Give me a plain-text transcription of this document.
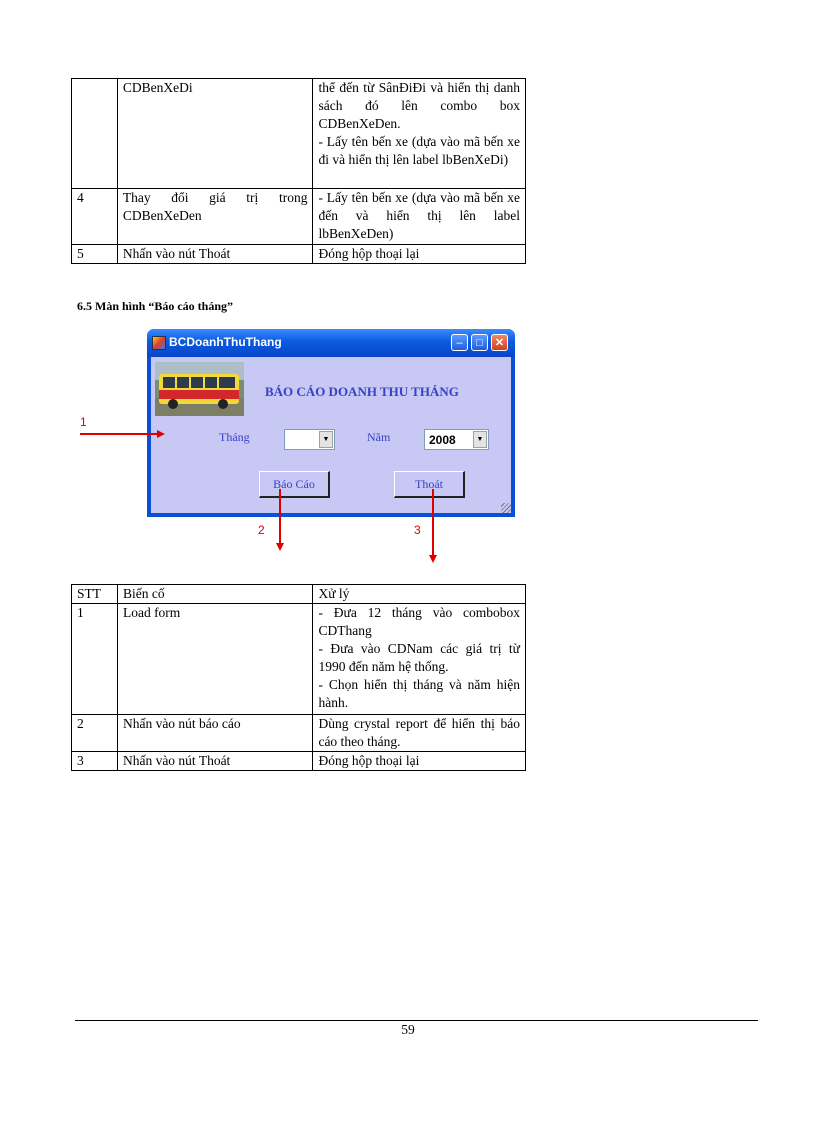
	CDBenXeDi	thể đến từ SânĐiĐi và hiển thị danh sách đó lên combo box CDBenXeDen.
- Lấy tên bến xe (dựa vào mã bến xe đi và hiển thị lên label lbBenXeDi)

4	Thay đổi giá trị trong CDBenXeDen	- Lấy tên bến xe (dựa vào mã bến xe đến và hiển thị lên label lbBenXeDen)

5	Nhấn vào nút Thoát	Đóng hộp thoại lại
6.5 Màn hình “Báo cáo tháng”
BCDoanhThuThang	‒	□	✕
BÁO CÁO DOANH THU THÁNG
Tháng	▼	Năm	2008	▼
Báo Cáo	Thoát
1
2	3
STT	Biến cố	Xử lý
1	Load form	- Đưa 12 tháng vào combobox CDThang
- Đưa vào CDNam các giá trị từ 1990 đến năm hệ thống.
- Chọn hiển thị tháng và năm hiện hành.

2	Nhấn vào nút báo cáo	Dùng crystal report để hiển thị báo cáo theo tháng.

3	Nhấn vào nút Thoát	Đóng hộp thoại lại
59
